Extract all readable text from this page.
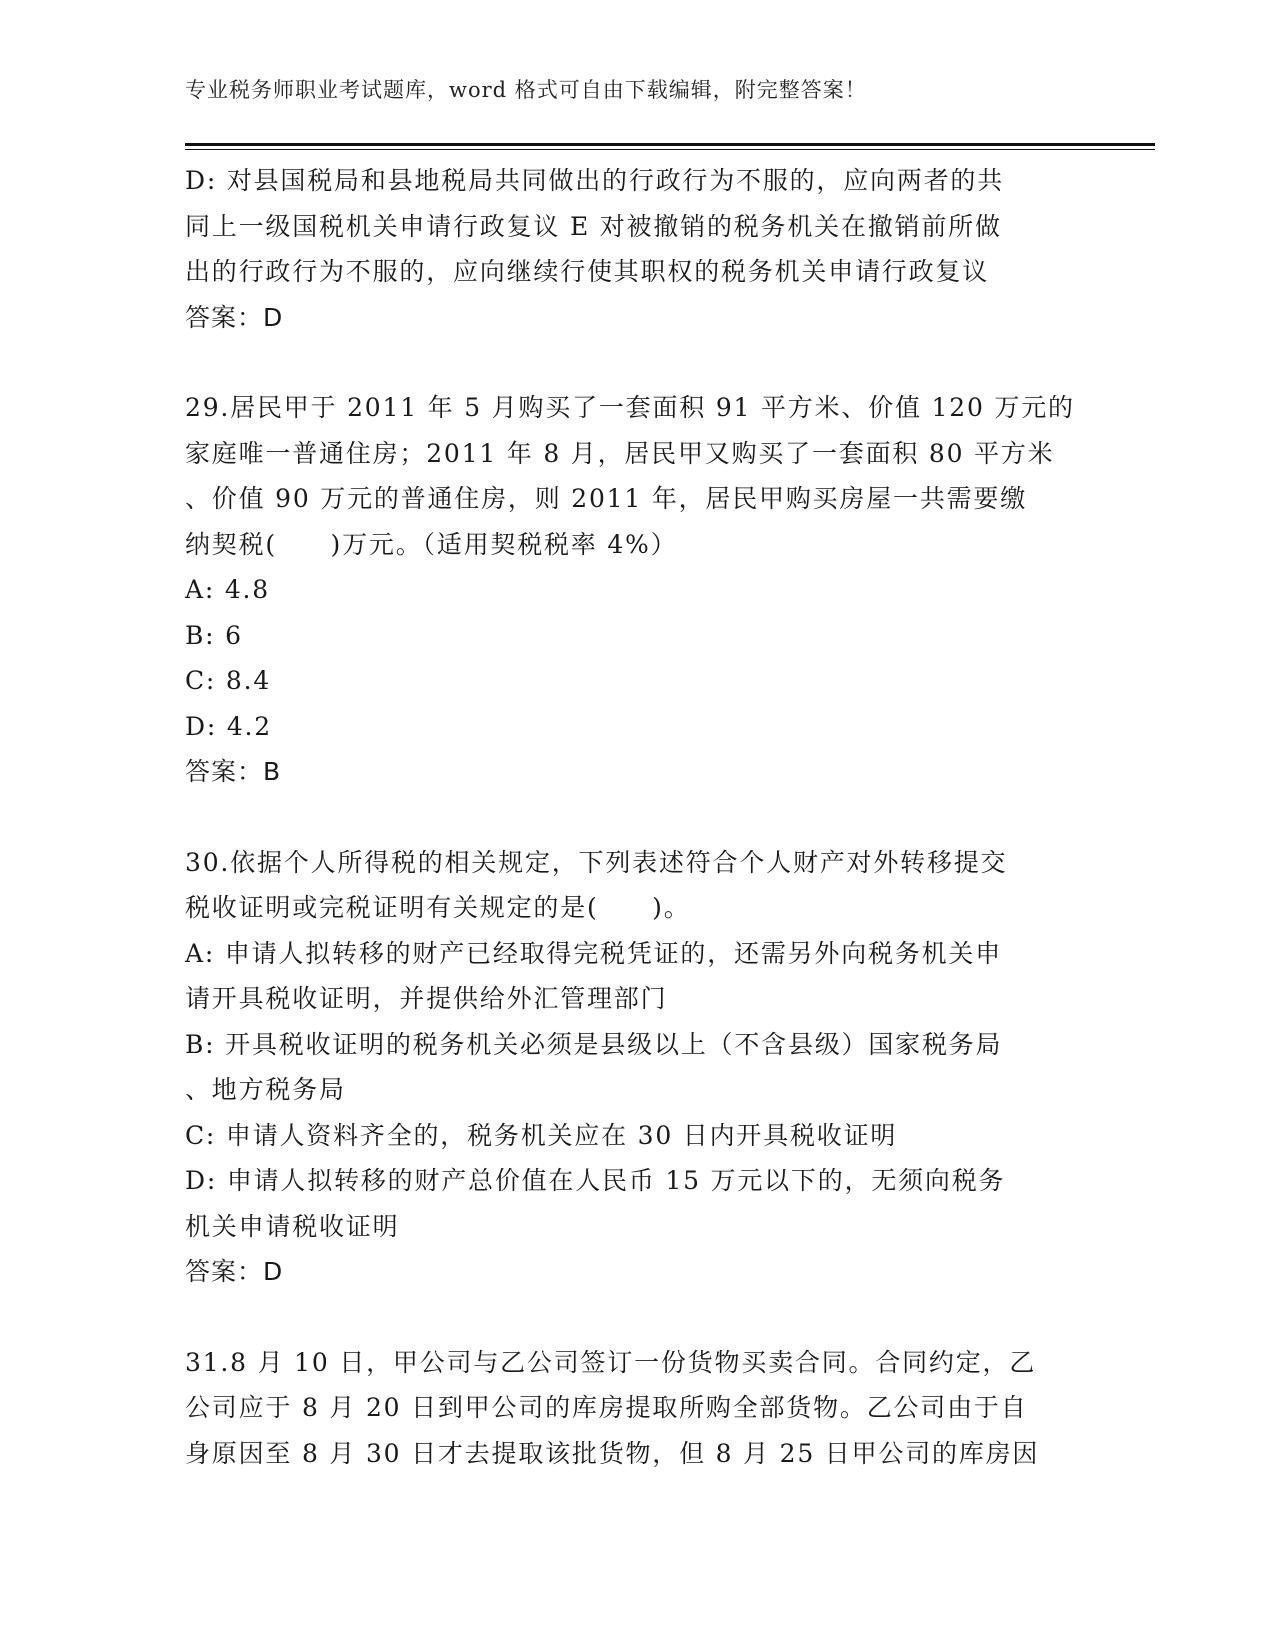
专业税务师职业考试题库，word 格式可自由下载编辑，附完整答案！

D: 对县国税局和县地税局共同做出的行政行为不服的，应向两者的共

同上一级国税机关申请行政复议 E 对被撤销的税务机关在撤销前所做

出的行政行为不服的，应向继续行使其职权的税务机关申请行政复议

答案：D

29.居民甲于 2011 年 5 月购买了一套面积 91 平方米、价值 120 万元的

家庭唯一普通住房；2011 年 8 月，居民甲又购买了一套面积 80 平方米

、价值 90 万元的普通住房，则 2011 年，居民甲购买房屋一共需要缴

纳契税(　　)万元。（适用契税税率 4%）

A: 4.8

B: 6

C: 8.4

D: 4.2

答案：B

30.依据个人所得税的相关规定，下列表述符合个人财产对外转移提交

税收证明或完税证明有关规定的是(　　)。

A: 申请人拟转移的财产已经取得完税凭证的，还需另外向税务机关申

请开具税收证明，并提供给外汇管理部门

B: 开具税收证明的税务机关必须是县级以上（不含县级）国家税务局

、地方税务局

C: 申请人资料齐全的，税务机关应在 30 日内开具税收证明

D: 申请人拟转移的财产总价值在人民币 15 万元以下的，无须向税务

机关申请税收证明

答案：D

31.8 月 10 日，甲公司与乙公司签订一份货物买卖合同。合同约定，乙

公司应于 8 月 20 日到甲公司的库房提取所购全部货物。乙公司由于自

身原因至 8 月 30 日才去提取该批货物，但 8 月 25 日甲公司的库房因
